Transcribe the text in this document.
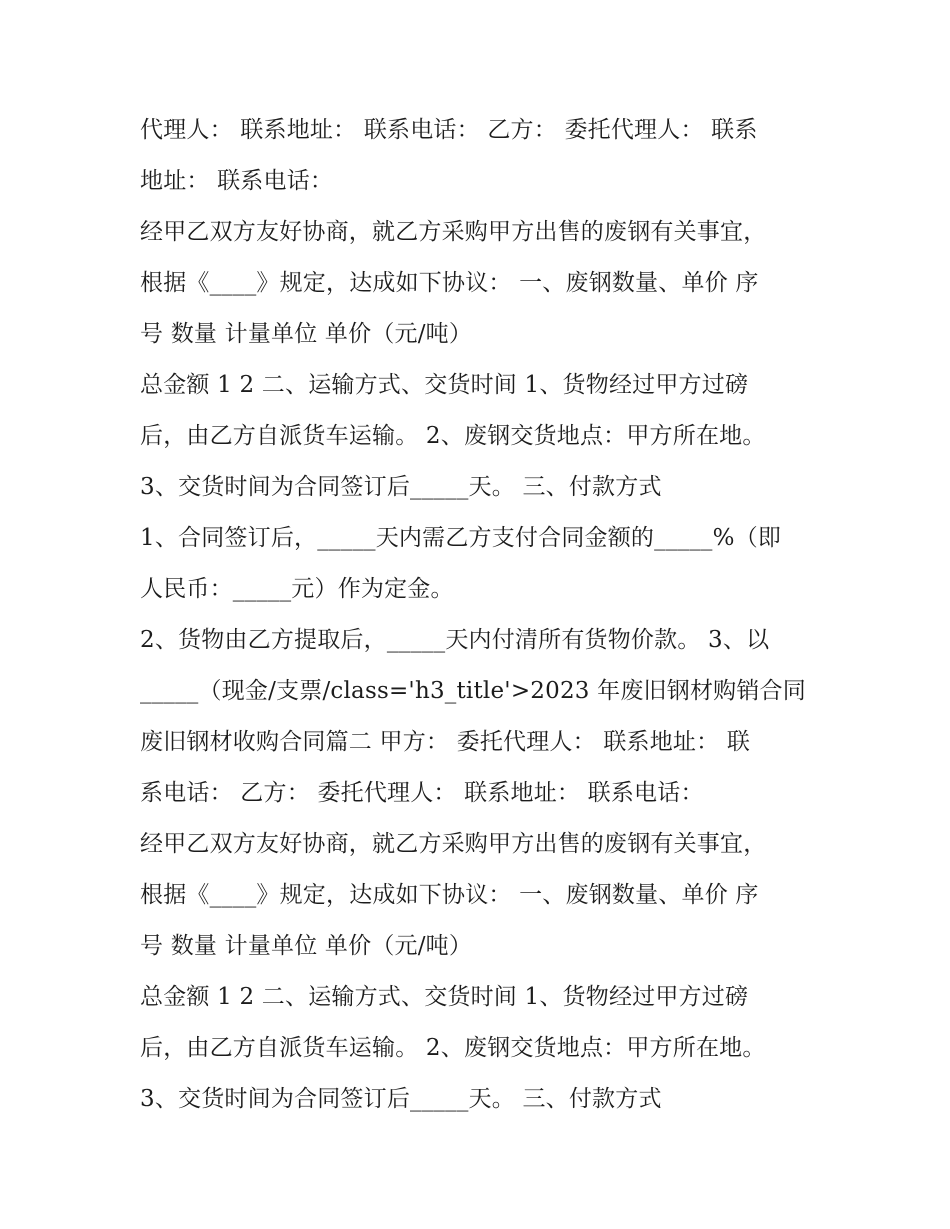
代理人： 联系地址： 联系电话： 乙方： 委托代理人： 联系
地址： 联系电话：
经甲乙双方友好协商，就乙方采购甲方出售的废钢有关事宜，
根据《____》规定，达成如下协议： 一、废钢数量、单价 序
号 数量 计量单位 单价（元/吨）
总金额 1 2 二、运输方式、交货时间 1、货物经过甲方过磅
后，由乙方自派货车运输。 2、废钢交货地点：甲方所在地。
3、交货时间为合同签订后_____天。 三、付款方式
1、合同签订后，_____天内需乙方支付合同金额的_____%（即
人民币：_____元）作为定金。
2、货物由乙方提取后，_____天内付清所有货物价款。 3、以
_____（现金/支票/class='h3_title'>2023 年废旧钢材购销合同
废旧钢材收购合同篇二 甲方： 委托代理人： 联系地址： 联
系电话： 乙方： 委托代理人： 联系地址： 联系电话：
经甲乙双方友好协商，就乙方采购甲方出售的废钢有关事宜，
根据《____》规定，达成如下协议： 一、废钢数量、单价 序
号 数量 计量单位 单价（元/吨）
总金额 1 2 二、运输方式、交货时间 1、货物经过甲方过磅
后，由乙方自派货车运输。 2、废钢交货地点：甲方所在地。
3、交货时间为合同签订后_____天。 三、付款方式
